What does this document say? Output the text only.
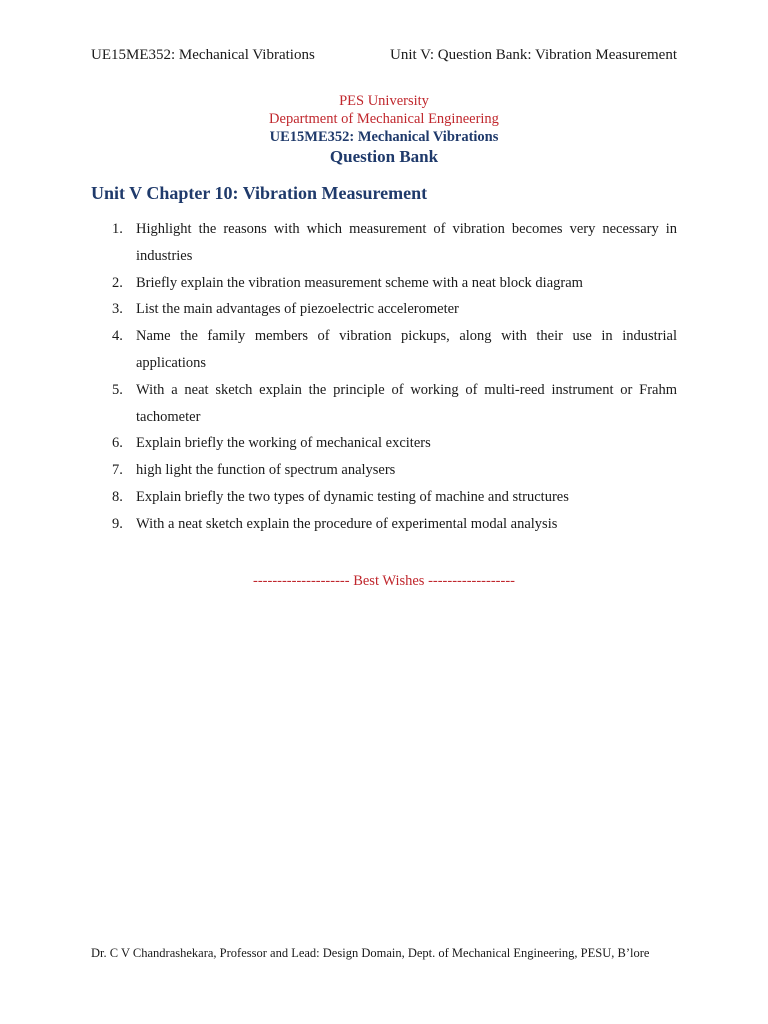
UE15ME352: Mechanical Vibrations	Unit V: Question Bank: Vibration Measurement
PES University
Department of Mechanical Engineering
UE15ME352: Mechanical Vibrations
Question Bank
Unit V Chapter 10: Vibration Measurement
1. Highlight the reasons with which measurement of vibration becomes very necessary in industries
2. Briefly explain the vibration measurement scheme with a neat block diagram
3. List the main advantages of piezoelectric accelerometer
4. Name the family members of vibration pickups, along with their use in industrial applications
5. With a neat sketch explain the principle of working of multi-reed instrument or Frahm tachometer
6. Explain briefly the working of mechanical exciters
7. high light the function of spectrum analysers
8. Explain briefly the two types of dynamic testing of machine and structures
9. With a neat sketch explain the procedure of experimental modal analysis
-------------------- Best Wishes ------------------
Dr. C V Chandrashekara, Professor and Lead: Design Domain, Dept. of Mechanical Engineering, PESU, B’lore
